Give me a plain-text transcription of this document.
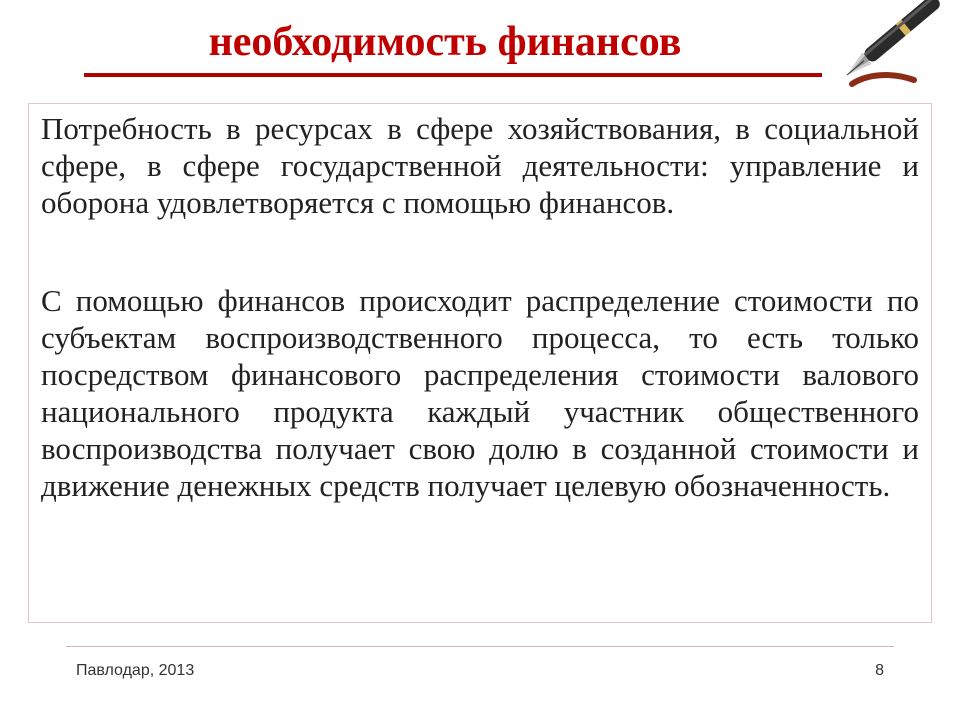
необходимость финансов

Потребность в ресурсах в сфере хозяйствования, в социальной сфере, в сфере государственной деятельности: управление и оборона удовлетворяется с помощью финансов.

С помощью финансов происходит распределение стоимости по субъектам воспроизводственного процесса, то есть только посредством финансового распределения стоимости валового национального продукта каждый участник общественного воспроизводства получает свою долю в созданной стоимости и движение денежных средств получает целевую обозначенность.

Павлодар, 2013	8
